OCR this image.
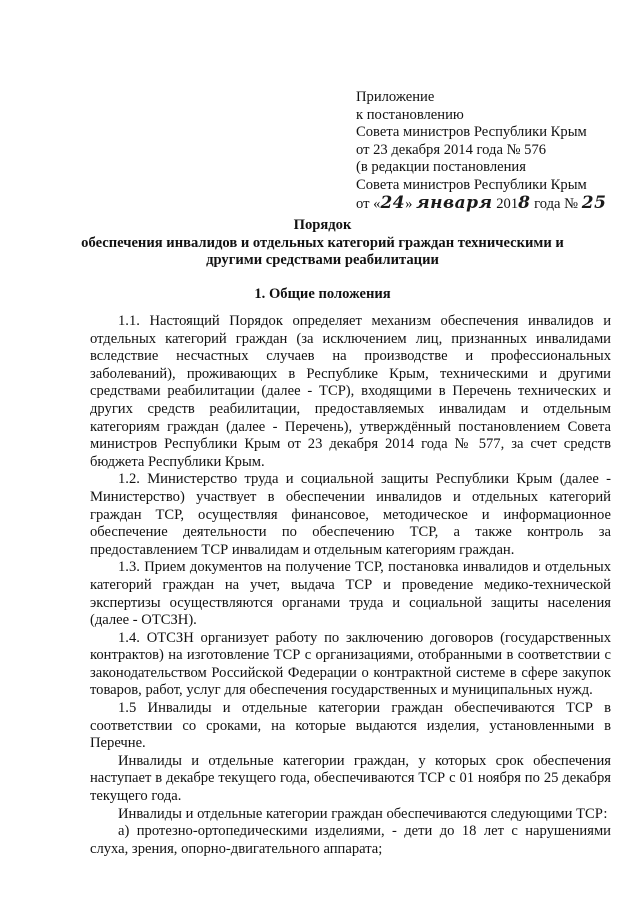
Приложение
к постановлению
Совета министров Республики Крым
от 23 декабря 2014 года № 576
(в редакции постановления
Совета министров Республики Крым
от «24» января 2018 года № 25
Порядок
обеспечения инвалидов и отдельных категорий граждан техническими и другими средствами реабилитации
1. Общие положения

1.1. Настоящий Порядок определяет механизм обеспечения инвалидов и отдельных категорий граждан (за исключением лиц, признанных инвалидами вследствие несчастных случаев на производстве и профессиональных заболеваний), проживающих в Республике Крым, техническими и другими средствами реабилитации (далее - ТСР), входящими в Перечень технических и других средств реабилитации, предоставляемых инвалидам и отдельным категориям граждан (далее - Перечень), утверждённый постановлением Совета министров Республики Крым от 23 декабря 2014 года № 577, за счет средств бюджета Республики Крым.

1.2. Министерство труда и социальной защиты Республики Крым (далее - Министерство) участвует в обеспечении инвалидов и отдельных категорий граждан ТСР, осуществляя финансовое, методическое и информационное обеспечение деятельности по обеспечению ТСР, а также контроль за предоставлением ТСР инвалидам и отдельным категориям граждан.

1.3. Прием документов на получение ТСР, постановка инвалидов и отдельных категорий граждан на учет, выдача ТСР и проведение медико-технической экспертизы осуществляются органами труда и социальной защиты населения (далее - ОТСЗН).

1.4. ОТСЗН организует работу по заключению договоров (государственных контрактов) на изготовление ТСР с организациями, отобранными в соответствии с законодательством Российской Федерации о контрактной системе в сфере закупок товаров, работ, услуг для обеспечения государственных и муниципальных нужд.

1.5 Инвалиды и отдельные категории граждан обеспечиваются ТСР в соответствии со сроками, на которые выдаются изделия, установленными в Перечне.

Инвалиды и отдельные категории граждан, у которых срок обеспечения наступает в декабре текущего года, обеспечиваются ТСР с 01 ноября по 25 декабря текущего года.

Инвалиды и отдельные категории граждан обеспечиваются следующими ТСР:

а) протезно-ортопедическими изделиями, - дети до 18 лет с нарушениями слуха, зрения, опорно-двигательного аппарата;
